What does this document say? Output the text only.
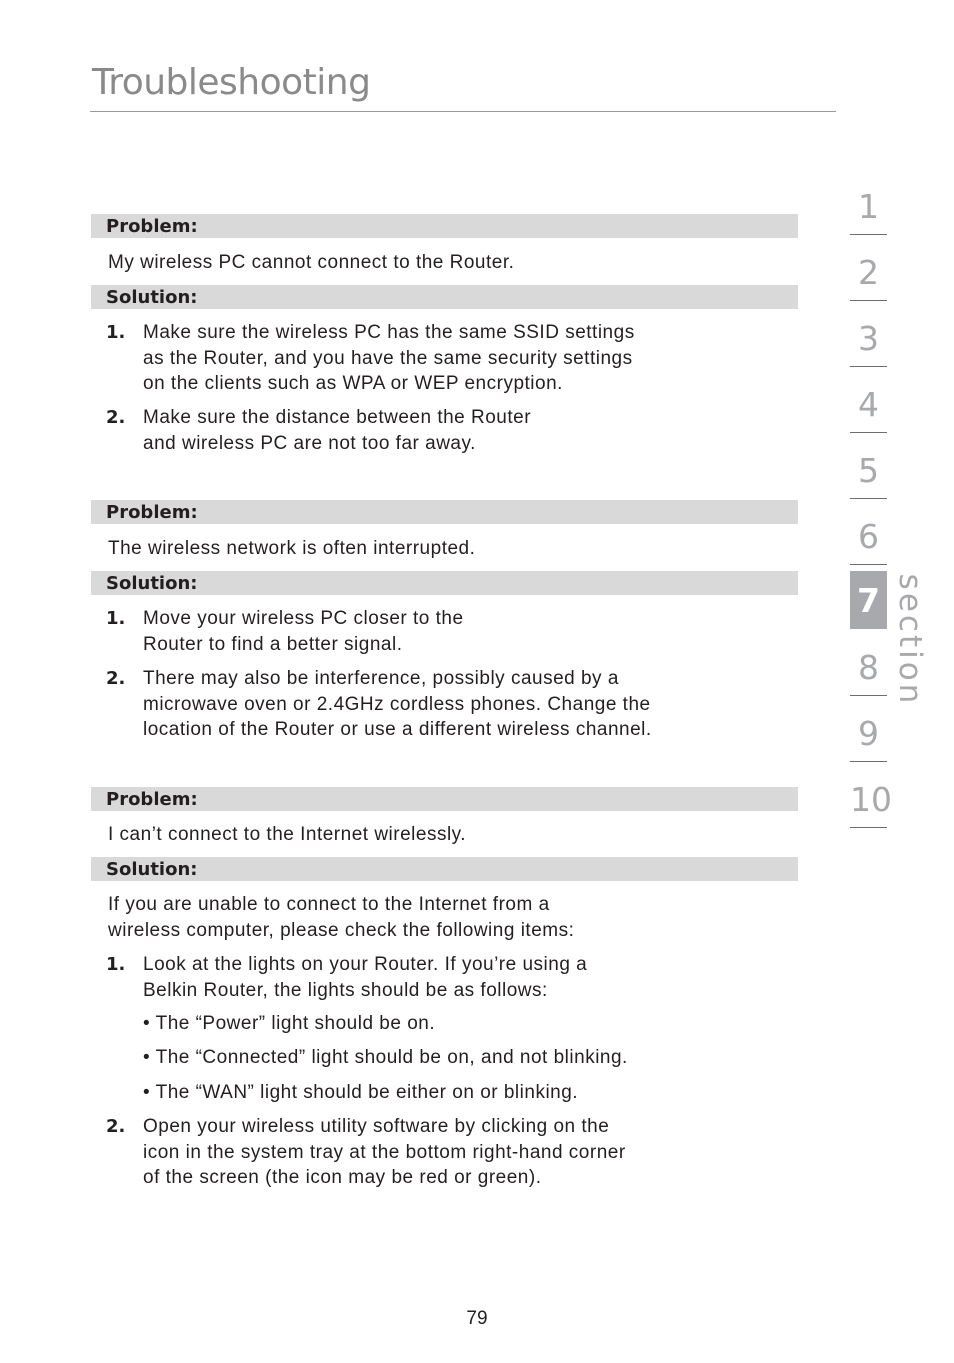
Troubleshooting
Problem:

My wireless PC cannot connect to the Router.

Solution:
1. Make sure the wireless PC has the same SSID settings

as the Router, and you have the same security settings

on the clients such as WPA or WEP encryption.

2. Make sure the distance between the Router

and wireless PC are not too far away.

Problem:

The wireless network is often interrupted.

Solution:
1. Move your wireless PC closer to the

Router to find a better signal.

2. There may also be interference, possibly caused by a

microwave oven or 2.4GHz cordless phones. Change the

location of the Router or use a different wireless channel.

Problem:

I can’t connect to the Internet wirelessly.

Solution:

If you are unable to connect to the Internet from a

wireless computer, please check the following items:

1. Look at the lights on your Router. If you’re using a

Belkin Router, the lights should be as follows:

• The “Power” light should be on.

• The “Connected” light should be on, and not blinking.

• The “WAN” light should be either on or blinking.

2. Open your wireless utility software by clicking on the

icon in the system tray at the bottom right-hand corner

of the screen (the icon may be red or green).

1
2
3
4
5
6
7
8
9
10
section
79
